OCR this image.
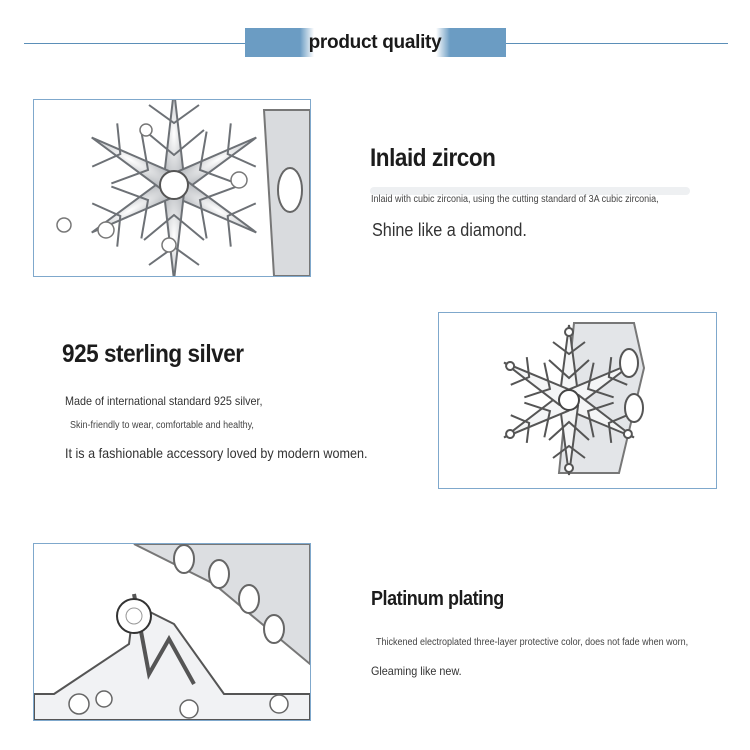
product quality
Inlaid zircon
Inlaid with cubic zirconia, using the cutting standard of 3A cubic zirconia,
Shine like a diamond.
925 sterling silver
Made of international standard 925 silver,
Skin-friendly to wear, comfortable and healthy,
It is a fashionable accessory loved by modern women.
Platinum plating
Thickened electroplated three-layer protective color, does not fade when worn,
Gleaming like new.
